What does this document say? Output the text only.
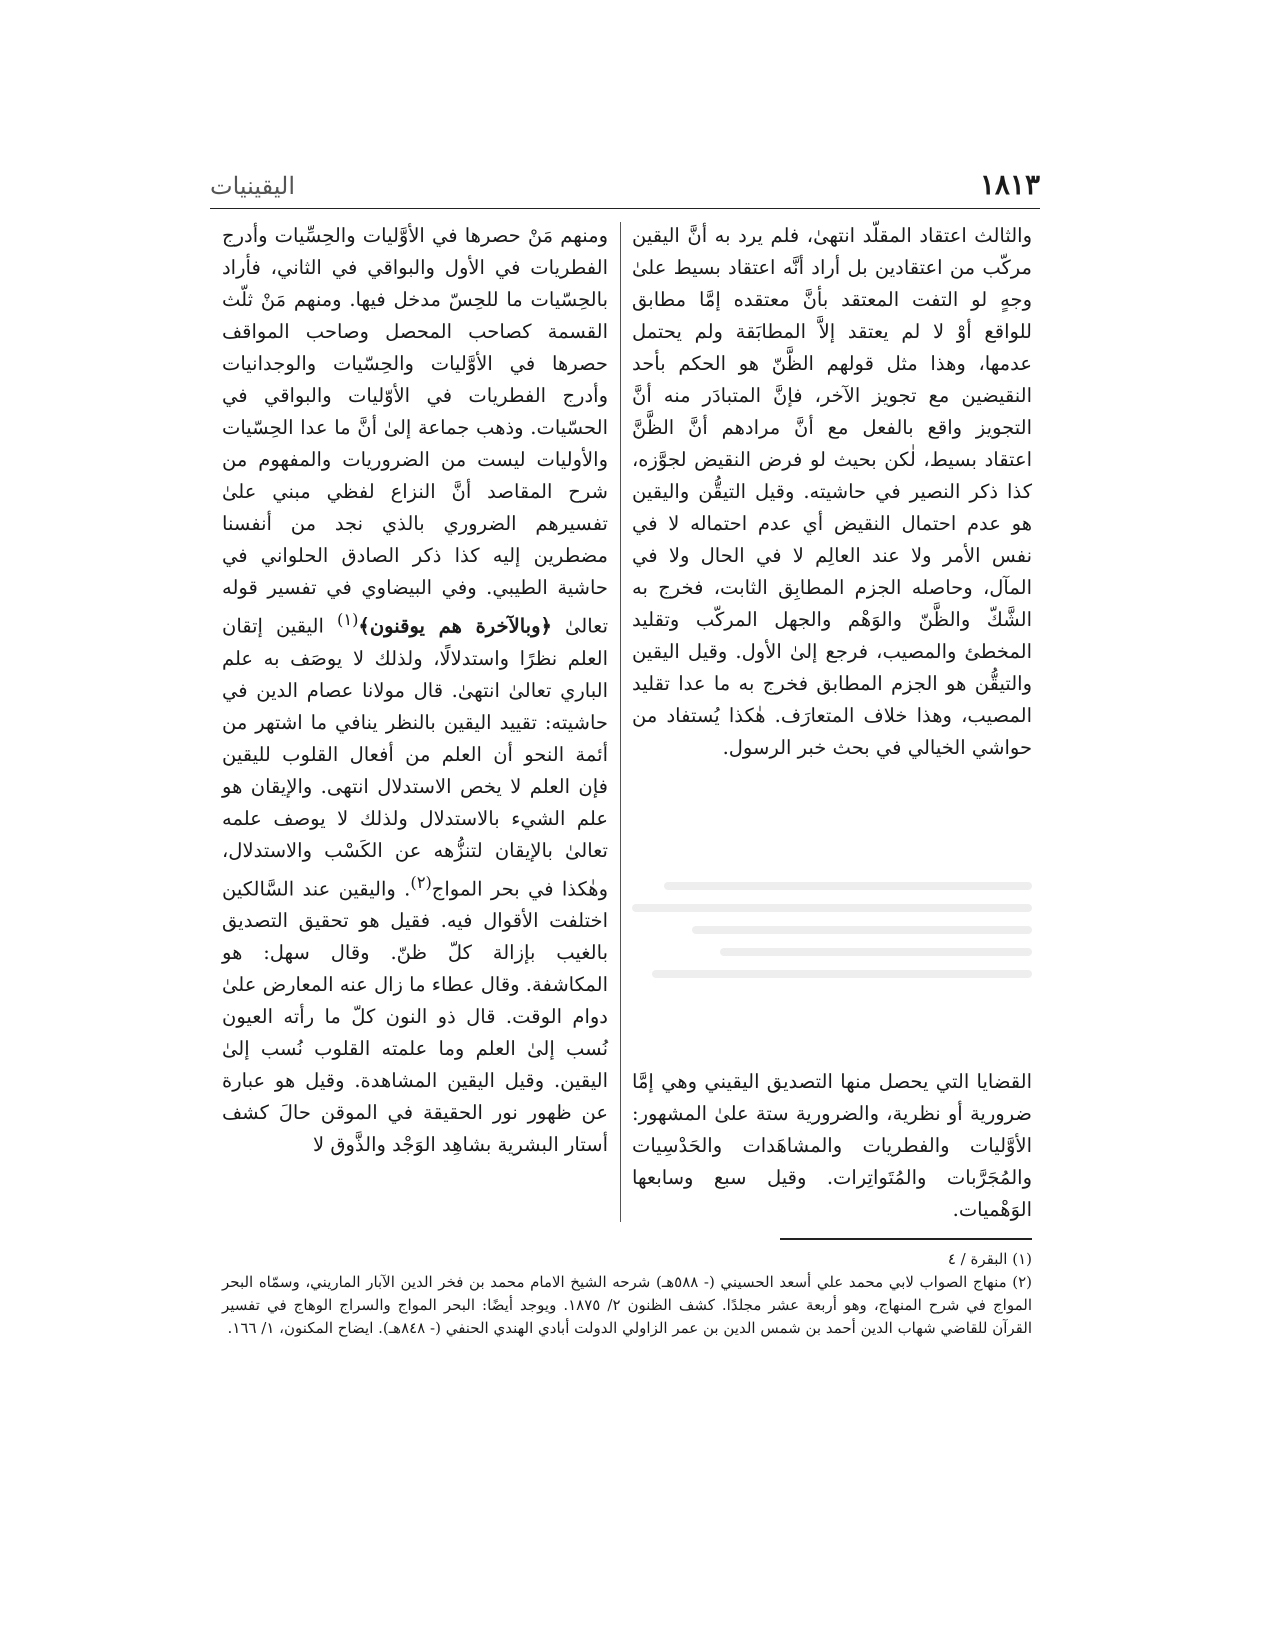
١٨١٣
اليقينيات

والثالث اعتقاد المقلّد انتهىٰ، فلم يرد به أنَّ اليقين مركّب من اعتقادين بل أراد أنَّه اعتقاد بسيط علىٰ وجهٍ لو التفت المعتقد بأنَّ معتقده إمَّا مطابق للواقع أوْ لا لم يعتقد إلاَّ المطابَقة ولم يحتمل عدمها، وهذا مثل قولهم الظَّنّ هو الحكم بأحد النقيضين مع تجويز الآخر، فإنَّ المتبادَر منه أنَّ التجويز واقع بالفعل مع أنَّ مرادهم أنَّ الظَّنَّ اعتقاد بسيط، لٰكن بحيث لو فرض النقيض لجوَّزه، كذا ذكر النصير في حاشيته. وقيل التيقُّن واليقين هو عدم احتمال النقيض أي عدم احتماله لا في نفس الأمر ولا عند العالِم لا في الحال ولا في المآل، وحاصله الجزم المطابِق الثابت، فخرج به الشَّكّ والظَّنّ والوَهْم والجهل المركّب وتقليد المخطئ والمصيب، فرجع إلىٰ الأول. وقيل اليقين والتيقُّن هو الجزم المطابق فخرج به ما عدا تقليد المصيب، وهذا خلاف المتعارَف. هٰكذا يُستفاد من حواشي الخيالي في بحث خبر الرسول.

القضايا التي يحصل منها التصديق اليقيني وهي إمَّا ضرورية أو نظرية، والضرورية ستة علىٰ المشهور: الأوَّليات والفطريات والمشاهَدات والحَدْسِيات والمُجَرَّبات والمُتَواتِرات. وقيل سبع وسابعها الوَهْميات.

ومنهم مَنْ حصرها في الأوَّليات والحِسِّيات وأدرج الفطريات في الأول والبواقي في الثاني، فأراد بالحِسّيات ما للحِسّ مدخل فيها. ومنهم مَنْ ثلّث القسمة كصاحب المحصل وصاحب المواقف حصرها في الأوَّليات والحِسّيات والوجدانيات وأدرج الفطريات في الأوّليات والبواقي في الحسّيات. وذهب جماعة إلىٰ أنَّ ما عدا الحِسّيات والأوليات ليست من الضروريات والمفهوم من شرح المقاصد أنَّ النزاع لفظي مبني علىٰ تفسيرهم الضروري بالذي نجد من أنفسنا مضطرين إليه كذا ذكر الصادق الحلواني في حاشية الطيبي. وفي البيضاوي في تفسير قوله تعالىٰ ﴿وبالآخرة هم يوقنون﴾$^{(١)}$ اليقين إتقان العلم نظرًا واستدلالًا، ولذلك لا يوصَف به علم الباري تعالىٰ انتهىٰ. قال مولانا عصام الدين في حاشيته: تقييد اليقين بالنظر ينافي ما اشتهر من أئمة النحو أن العلم من أفعال القلوب لليقين فإن العلم لا يخص الاستدلال انتهى. والإيقان هو علم الشيء بالاستدلال ولذلك لا يوصف علمه تعالىٰ بالإيقان لتنزُّهه عن الكَسْب والاستدلال، وهٰكذا في بحر المواج$^{(٢)}$. واليقين عند السَّالكين اختلفت الأقوال فيه. فقيل هو تحقيق التصديق بالغيب بإزالة كلّ ظنّ. وقال سهل: هو المكاشفة. وقال عطاء ما زال عنه المعارض علىٰ دوام الوقت. قال ذو النون كلّ ما رأته العيون نُسب إلىٰ العلم وما علمته القلوب نُسب إلىٰ اليقين. وقيل اليقين المشاهدة. وقيل هو عبارة عن ظهور نور الحقيقة في الموقن حالَ كشف أستار البشرية بشاهِد الوَجْد والذَّوق لا

(١) البقرة / ٤

(٢) منهاج الصواب لابي محمد علي أسعد الحسيني (- ٥٨٨هـ) شرحه الشيخ الامام محمد بن فخر الدين الآبار الماريني، وسمّاه البحر المواج في شرح المنهاج، وهو أربعة عشر مجلدًا. كشف الظنون ٢/ ١٨٧٥. ويوجد أيضًا: البحر المواج والسراج الوهاج في تفسير القرآن للقاضي شهاب الدين أحمد بن شمس الدين بن عمر الزاولي الدولت أبادي الهندي الحنفي (- ٨٤٨هـ). ايضاح المكنون، ١/ ١٦٦.
